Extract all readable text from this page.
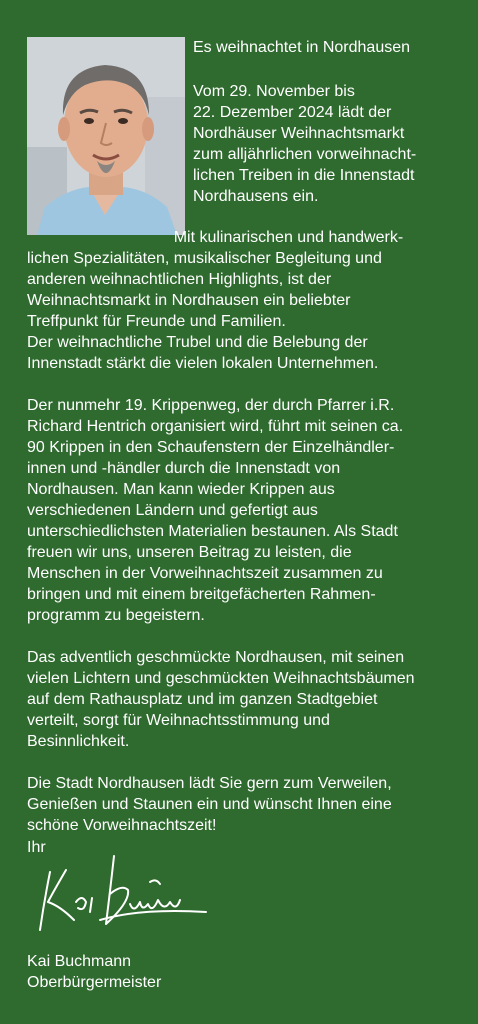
Es weihnachtet in Nordhausen
Vom 29. November bis
22. Dezember 2024 lädt der
Nordhäuser Weihnachtsmarkt
zum alljährlichen vorweihnacht-
lichen Treiben in die Innenstadt
Nordhausens ein.
Mit kulinarischen und handwerk-
lichen Spezialitäten, musikalischer Begleitung und
anderen weihnachtlichen Highlights, ist der
Weihnachtsmarkt in Nordhausen ein beliebter
Treffpunkt für Freunde und Familien.
Der weihnachtliche Trubel und die Belebung der
Innenstadt stärkt die vielen lokalen Unternehmen.
Der nunmehr 19. Krippenweg, der durch Pfarrer i.R.
Richard Hentrich organisiert wird, führt mit seinen ca.
90 Krippen in den Schaufenstern der Einzelhändler-
innen und -händler durch die Innenstadt von
Nordhausen. Man kann wieder Krippen aus
verschiedenen Ländern und gefertigt aus
unterschiedlichsten Materialien bestaunen. Als Stadt
freuen wir uns, unseren Beitrag zu leisten, die
Menschen in der Vorweihnachtszeit zusammen zu
bringen und mit einem breitgefächerten Rahmen-
programm zu begeistern.
Das adventlich geschmückte Nordhausen, mit seinen
vielen Lichtern und geschmückten Weihnachtsbäumen
auf dem Rathausplatz und im ganzen Stadtgebiet
verteilt, sorgt für Weihnachtsstimmung und
Besinnlichkeit.
Die Stadt Nordhausen lädt Sie gern zum Verweilen,
Genießen und Staunen ein und wünscht Ihnen eine
schöne Vorweihnachtszeit!
Ihr
Kai Buchmann
Oberbürgermeister
